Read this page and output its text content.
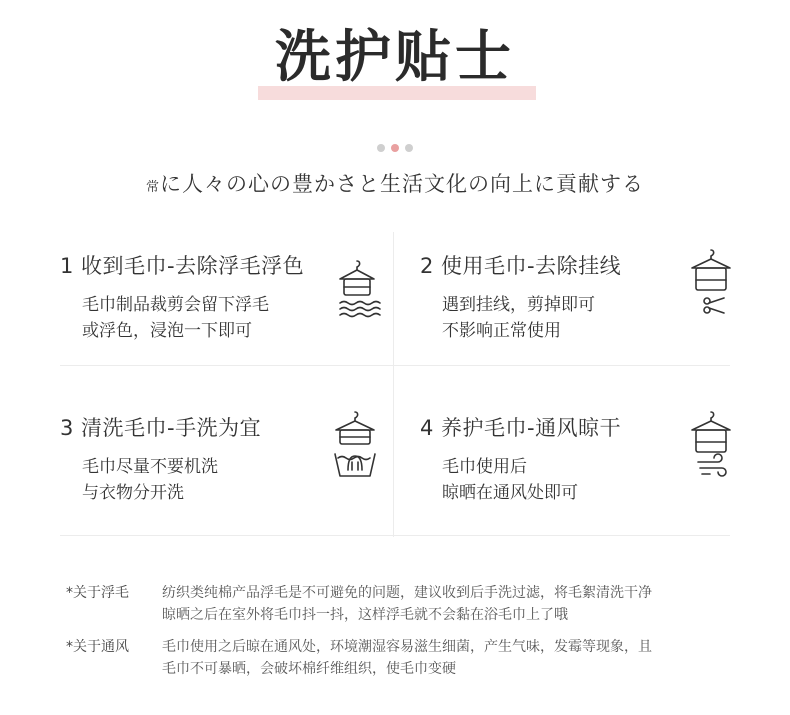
洗护贴士
常に人々の心の豊かさと生活文化の向上に貢献する
1 收到毛巾-去除浮毛浮色
毛巾制品裁剪会留下浮毛
或浮色，浸泡一下即可
2 使用毛巾-去除挂线
遇到挂线，剪掉即可
不影响正常使用
3 清洗毛巾-手洗为宜
毛巾尽量不要机洗
与衣物分开洗
4 养护毛巾-通风晾干
毛巾使用后
晾晒在通风处即可
*关于浮毛 纺织类纯棉产品浮毛是不可避免的问题，建议收到后手洗过滤，将毛絮清洗干净
晾晒之后在室外将毛巾抖一抖，这样浮毛就不会黏在浴毛巾上了哦
*关于通风 毛巾使用之后晾在通风处，环境潮湿容易滋生细菌，产生气味，发霉等现象，且
毛巾不可暴晒，会破坏棉纤维组织，使毛巾变硬
